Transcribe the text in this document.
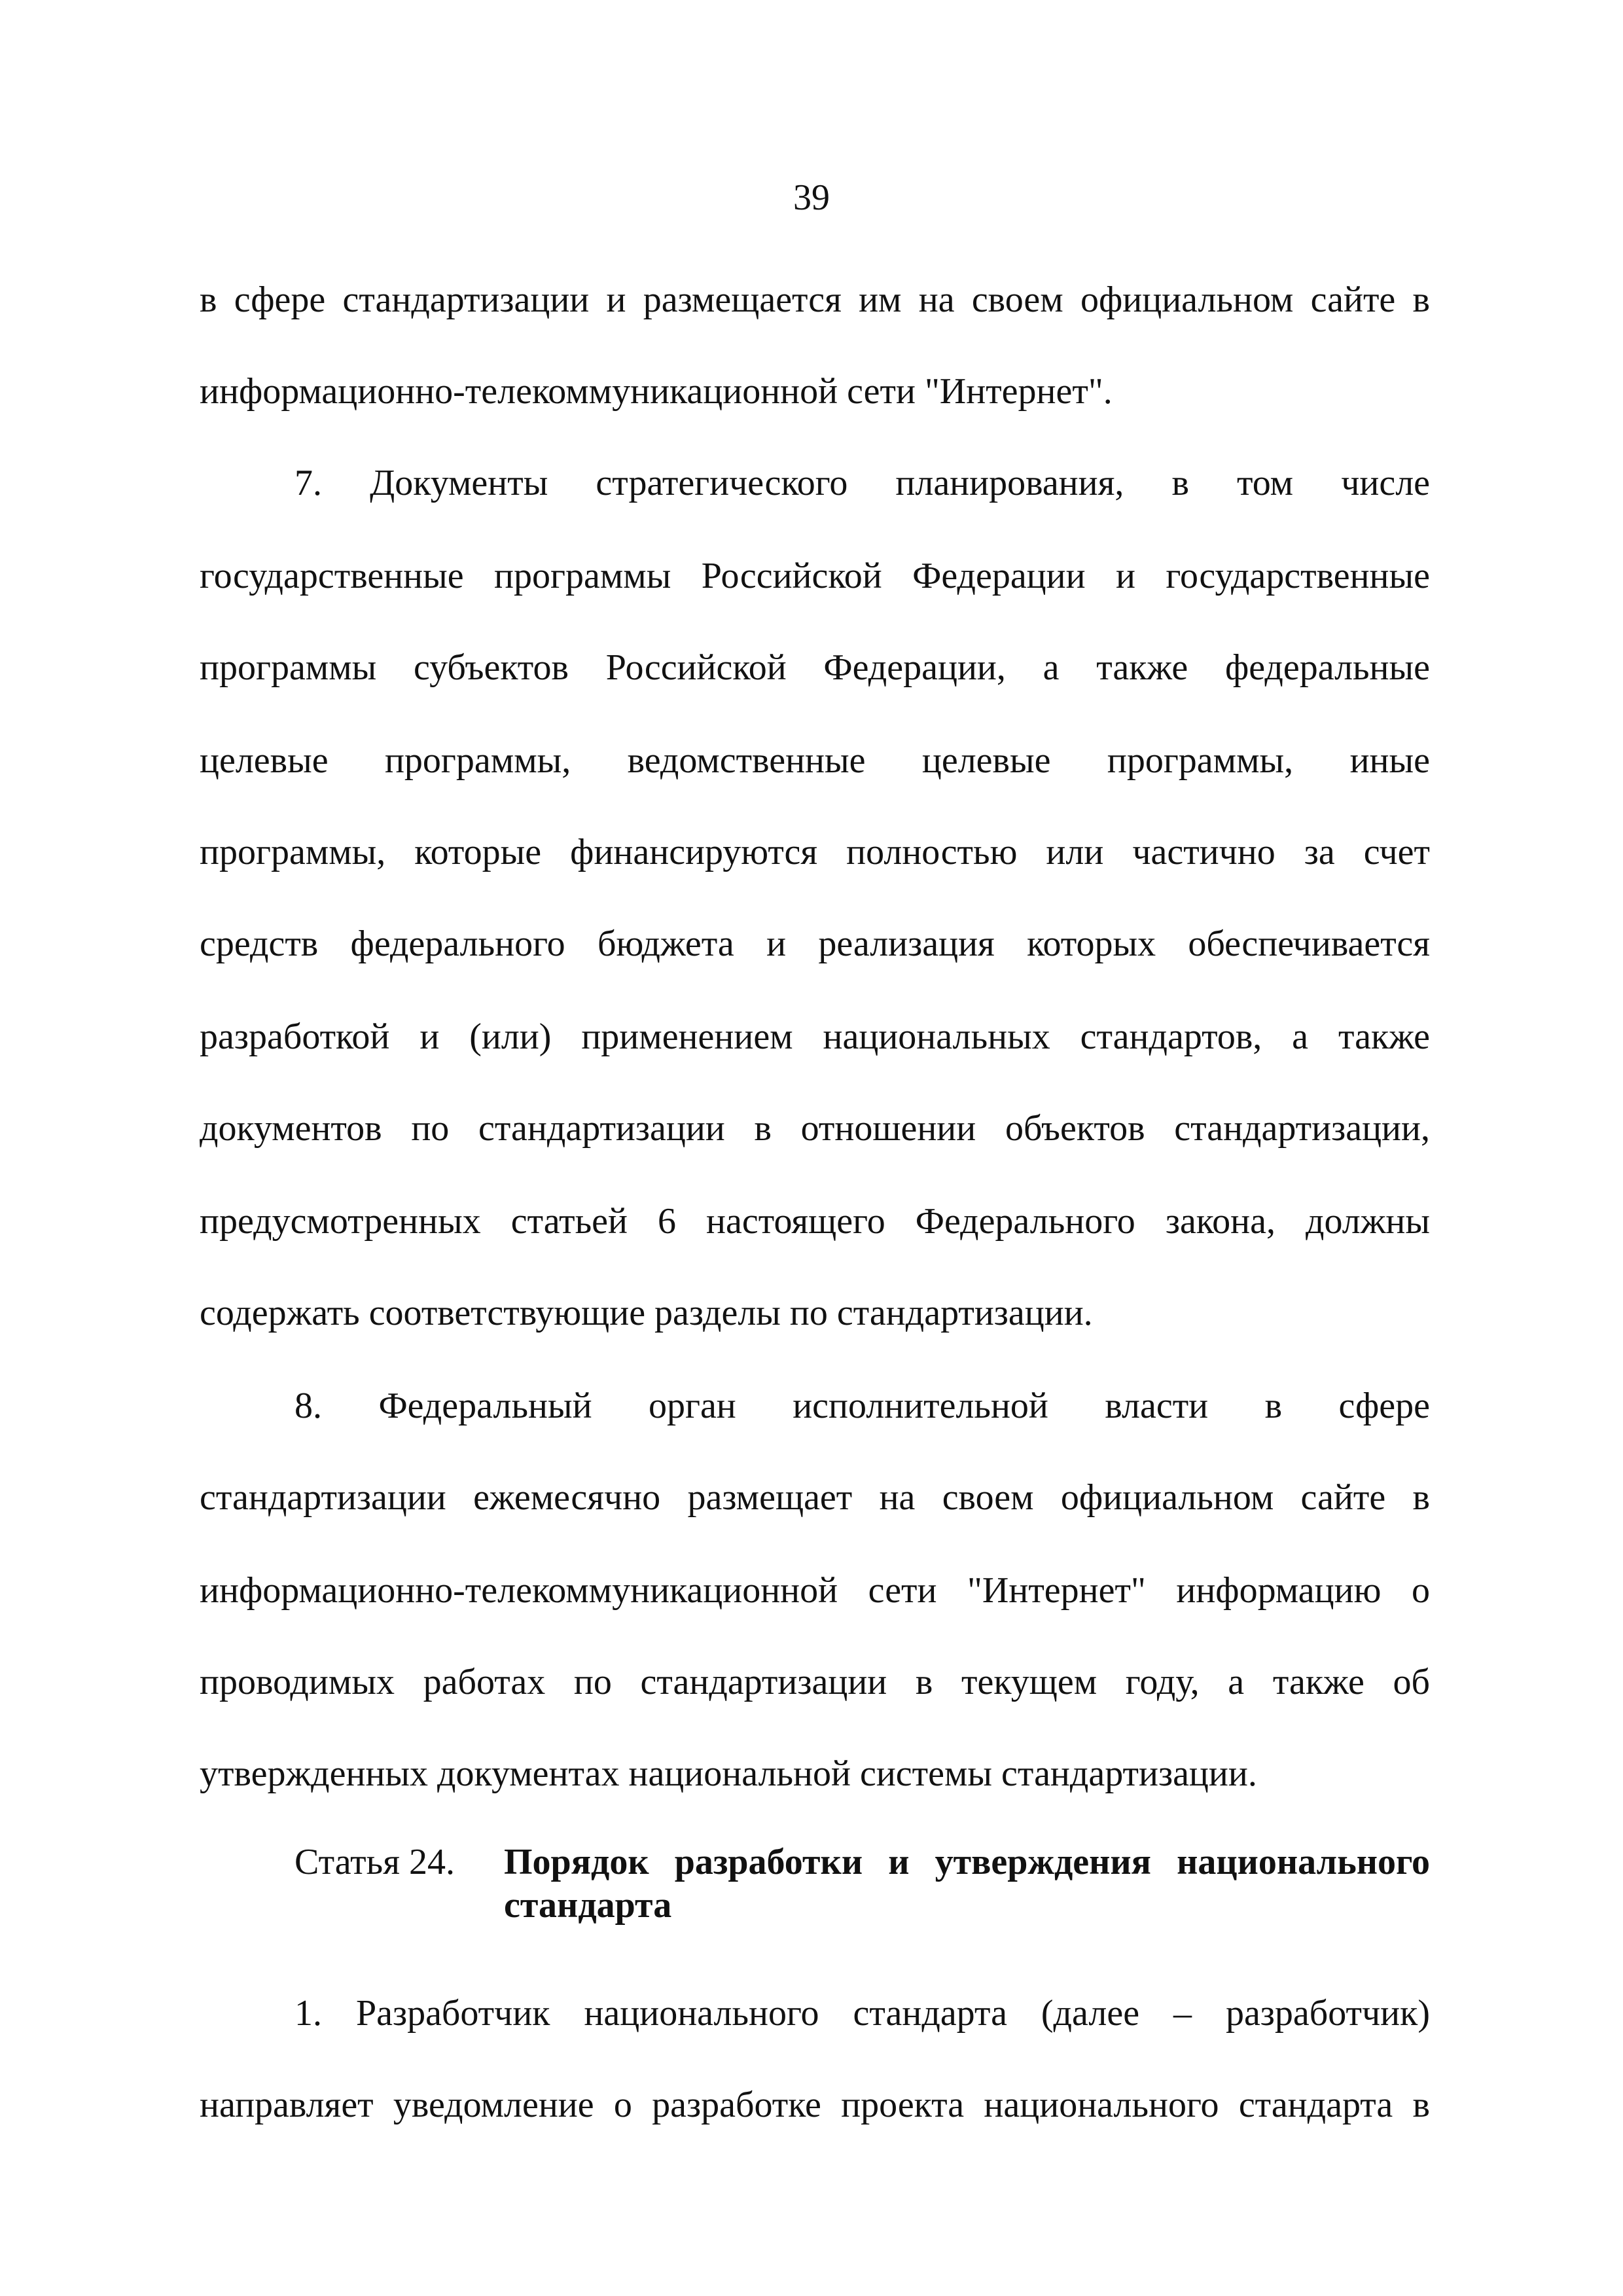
39
в сфере стандартизации и размещается им на своем официальном сайте в
информационно-телекоммуникационной сети "Интернет".
7. Документы стратегического планирования, в том числе
государственные программы Российской Федерации и государственные
программы субъектов Российской Федерации, а также федеральные
целевые программы, ведомственные целевые программы, иные
программы, которые финансируются полностью или частично за счет
средств федерального бюджета и реализация которых обеспечивается
разработкой и (или) применением национальных стандартов, а также
документов по стандартизации в отношении объектов стандартизации,
предусмотренных статьей 6 настоящего Федерального закона, должны
содержать соответствующие разделы по стандартизации.
8. Федеральный орган исполнительной власти в сфере
стандартизации ежемесячно размещает на своем официальном сайте в
информационно-телекоммуникационной сети "Интернет" информацию о
проводимых работах по стандартизации в текущем году, а также об
утвержденных документах национальной системы стандартизации.
Статья 24. Порядок разработки и утверждения национального
стандарта
1. Разработчик национального стандарта (далее – разработчик)
направляет уведомление о разработке проекта национального стандарта в
